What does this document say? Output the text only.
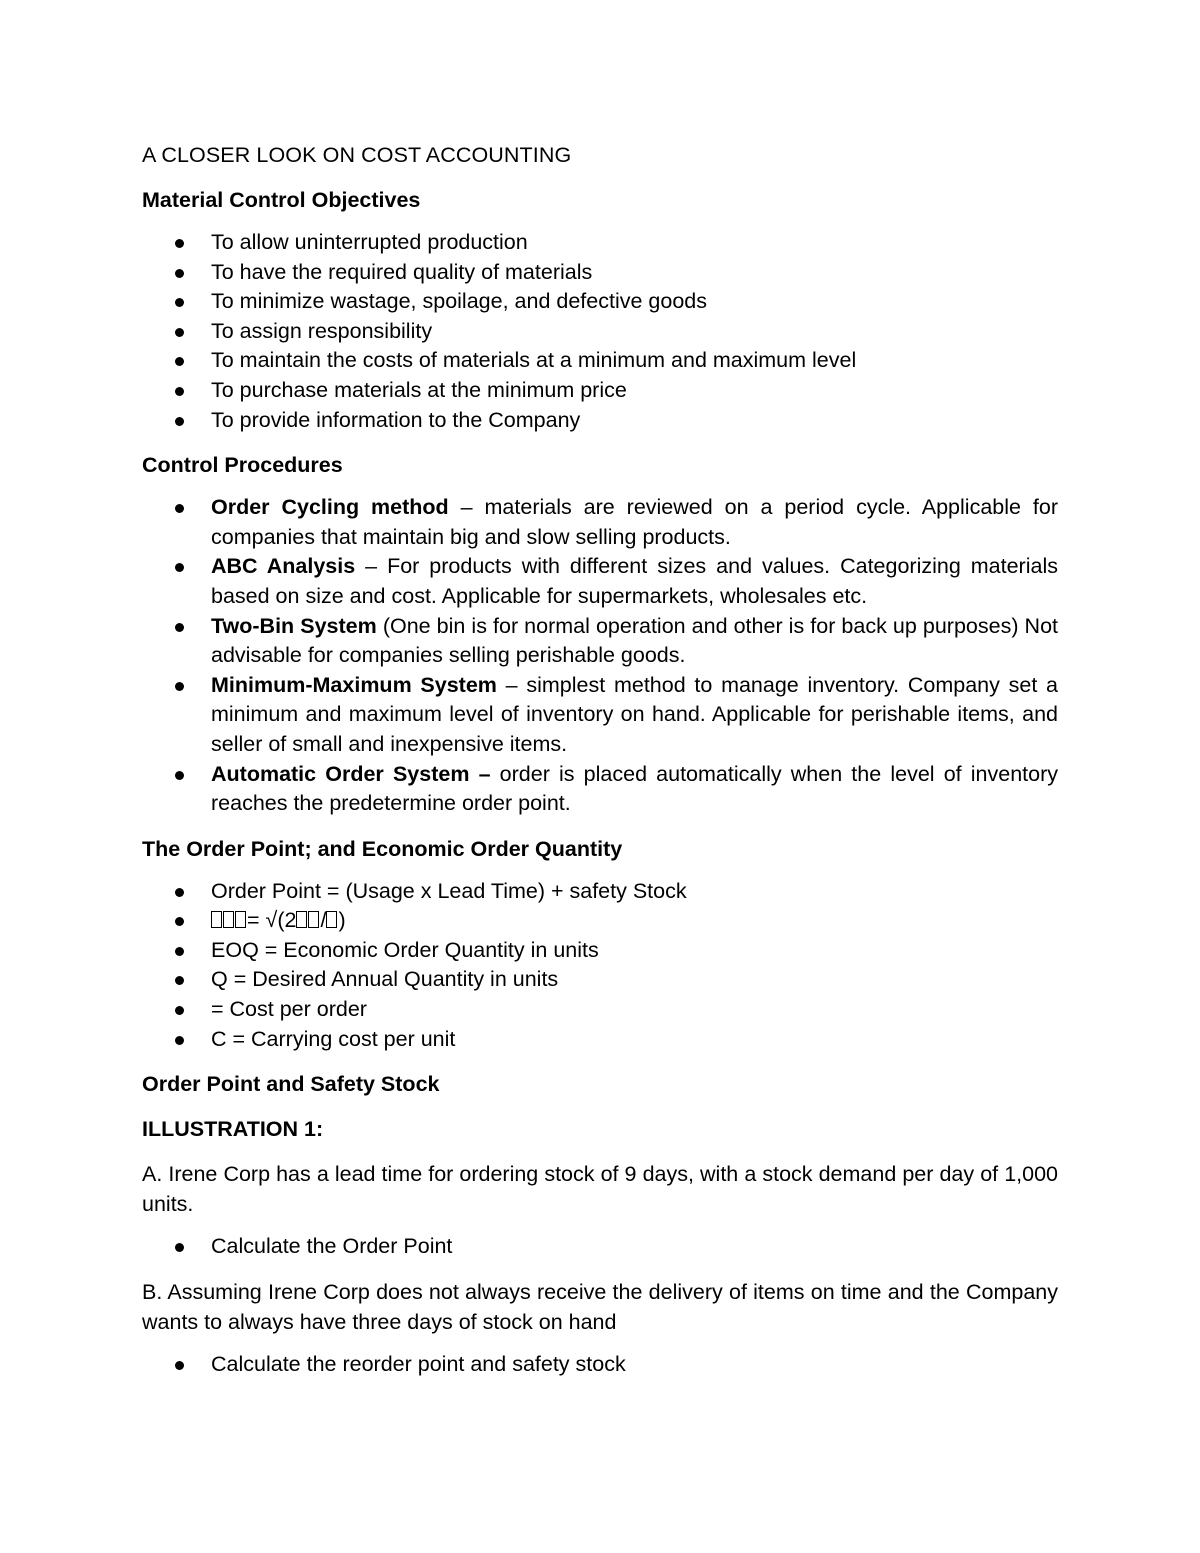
A CLOSER LOOK ON COST ACCOUNTING
Material Control Objectives
To allow uninterrupted production
To have the required quality of materials
To minimize wastage, spoilage, and defective goods
To assign responsibility
To maintain the costs of materials at a minimum and maximum level
To purchase materials at the minimum price
To provide information to the Company
Control Procedures
Order Cycling method – materials are reviewed on a period cycle. Applicable for companies that maintain big and slow selling products.
ABC Analysis – For products with different sizes and values. Categorizing materials based on size and cost. Applicable for supermarkets, wholesales etc.
Two-Bin System (One bin is for normal operation and other is for back up purposes) Not advisable for companies selling perishable goods.
Minimum-Maximum System – simplest method to manage inventory. Company set a minimum and maximum level of inventory on hand. Applicable for perishable items, and seller of small and inexpensive items.
Automatic Order System – order is placed automatically when the level of inventory reaches the predetermine order point.
The Order Point; and Economic Order Quantity
Order Point = (Usage x Lead Time) + safety Stock
= √(2 / )
EOQ = Economic Order Quantity in units
Q = Desired Annual Quantity in units
= Cost per order
C = Carrying cost per unit
Order Point and Safety Stock
ILLUSTRATION 1:

A. Irene Corp has a lead time for ordering stock of 9 days, with a stock demand per day of 1,000 units.

Calculate the Order Point

B. Assuming Irene Corp does not always receive the delivery of items on time and the Company wants to always have three days of stock on hand

Calculate the reorder point and safety stock
